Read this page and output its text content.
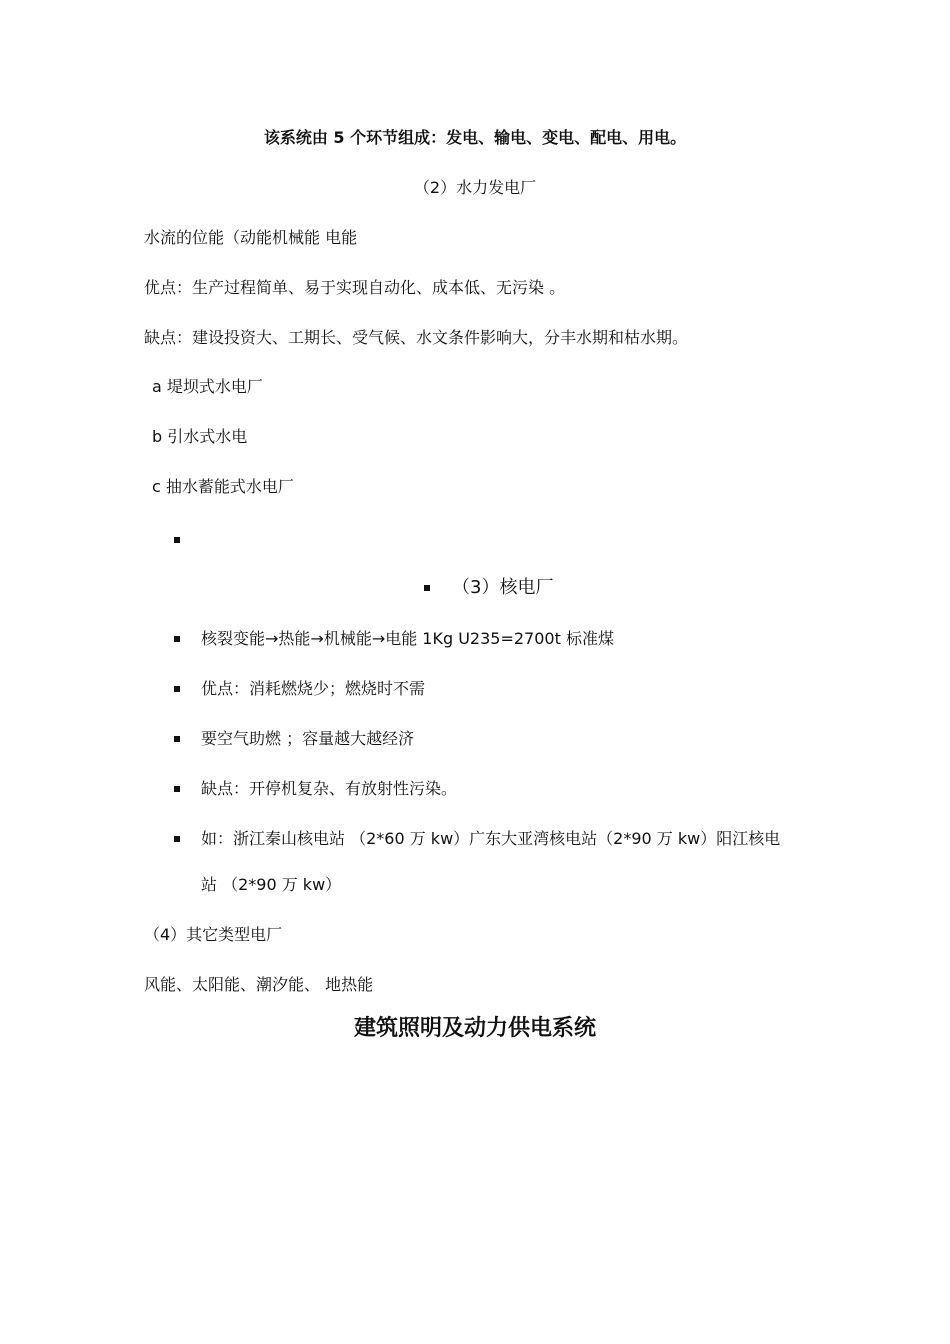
该系统由 5 个环节组成：发电、输电、变电、配电、用电。
（2）水力发电厂
水流的位能（动能机械能 电能
优点：生产过程简单、易于实现自动化、成本低、无污染 。
缺点：建设投资大、工期长、受气候、水文条件影响大，分丰水期和枯水期。
a 堤坝式水电厂
b 引水式水电
c 抽水蓄能式水电厂
（3）核电厂
核裂变能→热能→机械能→电能 1Kg U235=2700t 标准煤
优点：消耗燃烧少；燃烧时不需
要空气助燃 ；容量越大越经济
缺点：开停机复杂、有放射性污染。
如：浙江秦山核电站 （2*60 万 kw）广东大亚湾核电站（2*90 万 kw）阳江核电
站 （2*90 万 kw）
（4）其它类型电厂
风能、太阳能、潮汐能、 地热能
建筑照明及动力供电系统
